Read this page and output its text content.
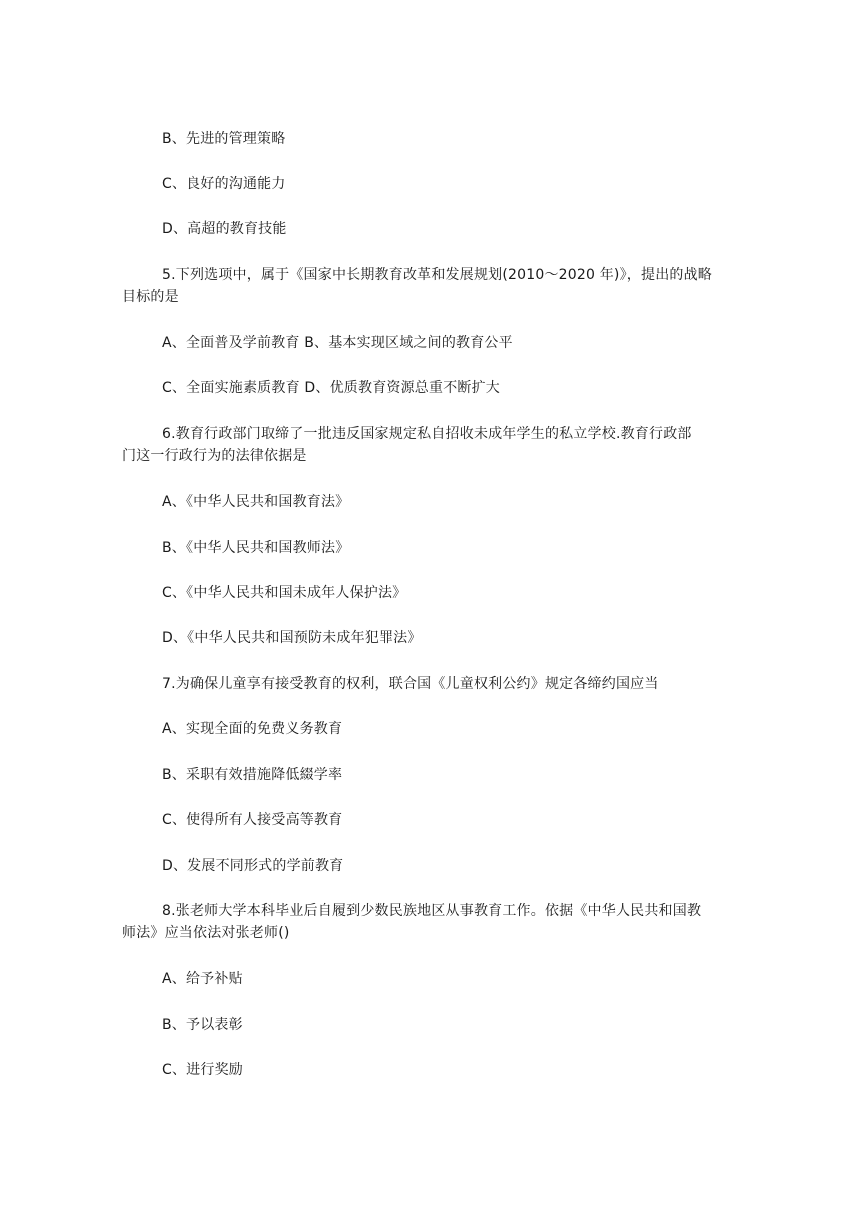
B、先进的管理策略
C、良好的沟通能力
D、高超的教育技能
5.下列选项中，属于《国家中长期教育改革和发展规划(2010～2020 年)》，提出的战略
目标的是
A、全面普及学前教育 B、基本实现区域之间的教育公平
C、全面实施素质教育 D、优质教育资源总重不断扩大
6.教育行政部门取缔了一批违反国家规定私自招收未成年学生的私立学校.教育行政部
门这一行政行为的法律依据是
A、《中华人民共和国教育法》
B、《中华人民共和国教师法》
C、《中华人民共和国未成年人保护法》
D、《中华人民共和国预防未成年犯罪法》
7.为确保儿童享有接受教育的权利，联合国《儿童权利公约》规定各缔约国应当
A、实现全面的免费义务教育
B、采职有效措施降低綴学率
C、使得所有人接受高等教育
D、发展不同形式的学前教育
8.张老师大学本科毕业后自履到少数民族地区从事教育工作。依据《中华人民共和国教
师法》应当依法对张老师()
A、给予补贴
B、予以表彰
C、进行奖励
